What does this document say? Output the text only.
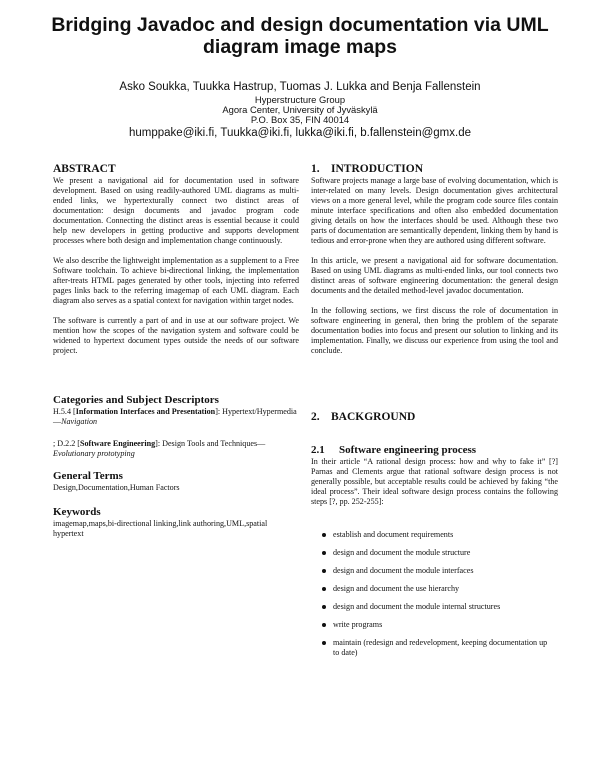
Bridging Javadoc and design documentation via UML
diagram image maps
Asko Soukka, Tuukka Hastrup, Tuomas J. Lukka and Benja Fallenstein
Hyperstructure Group
Agora Center, University of Jyväskylä
P.O. Box 35, FIN 40014
humppake@iki.fi, Tuukka@iki.fi, lukka@iki.fi, b.fallenstein@gmx.de
ABSTRACT

We present a navigational aid for documentation used in software development. Based on using readily-authored UML diagrams as multi-ended links, we hypertexturally connect two distinct areas of documentation: design documents and javadoc program code documentation. Connecting the distinct areas is essential because it could help new developers in getting productive and supports development processes where both design and implementation change continuously.

We also describe the lightweight implementation as a supplement to a Free Software toolchain. To achieve bi-directional linking, the implementation after-treats HTML pages generated by other tools, injecting into referred pages links back to the referring imagemap of each UML diagram. Each diagram also serves as a spatial context for navigation within target nodes.

The software is currently a part of and in use at our software project. We mention how the scopes of the navigation system and software could be widened to hypertext document types outside the needs of our software project.

Categories and Subject Descriptors

H.5.4 [Information Interfaces and Presentation]: Hypertext/Hypermedia—Navigation

; D.2.2 [Software Engineering]: Design Tools and Techniques—Evolutionary prototyping

General Terms

Design,Documentation,Human Factors

Keywords

imagemap,maps,bi-directional linking,link authoring,UML,spatial hypertext

1. INTRODUCTION

Software projects manage a large base of evolving documentation, which is inter-related on many levels. Design documentation gives architectural views on a more general level, while the program code source files contain minute interface specifications and often also embedded documentation giving details on how the interfaces should be used. Although these two parts of documentation are semantically dependent, linking them by hand is tedious and error-prone when they are authored using different software.

In this article, we present a navigational aid for software documentation. Based on using UML diagrams as multi-ended links, our tool connects two distinct areas of software engineering documentation: the general design documents and the detailed method-level javadoc documentation.

In the following sections, we first discuss the role of documentation in software engineering in general, then bring the problem of the separate documentation bodies into focus and present our solution to linking and its implementation. Finally, we discuss our experience from using the tool and conclude.

2. BACKGROUND
2.1 Software engineering process

In their article “A rational design process: how and why to fake it” [?] Parnas and Clements argue that rational software design process is not generally possible, but acceptable results could be achieved by faking “the ideal process”. Their ideal software design process contains the following steps [?, pp. 252-255]:

establish and document requirements
design and document the module structure
design and document the module interfaces
design and document the use hierarchy
design and document the module internal structures
write programs
maintain (redesign and redevelopment, keeping documentation up to date)
